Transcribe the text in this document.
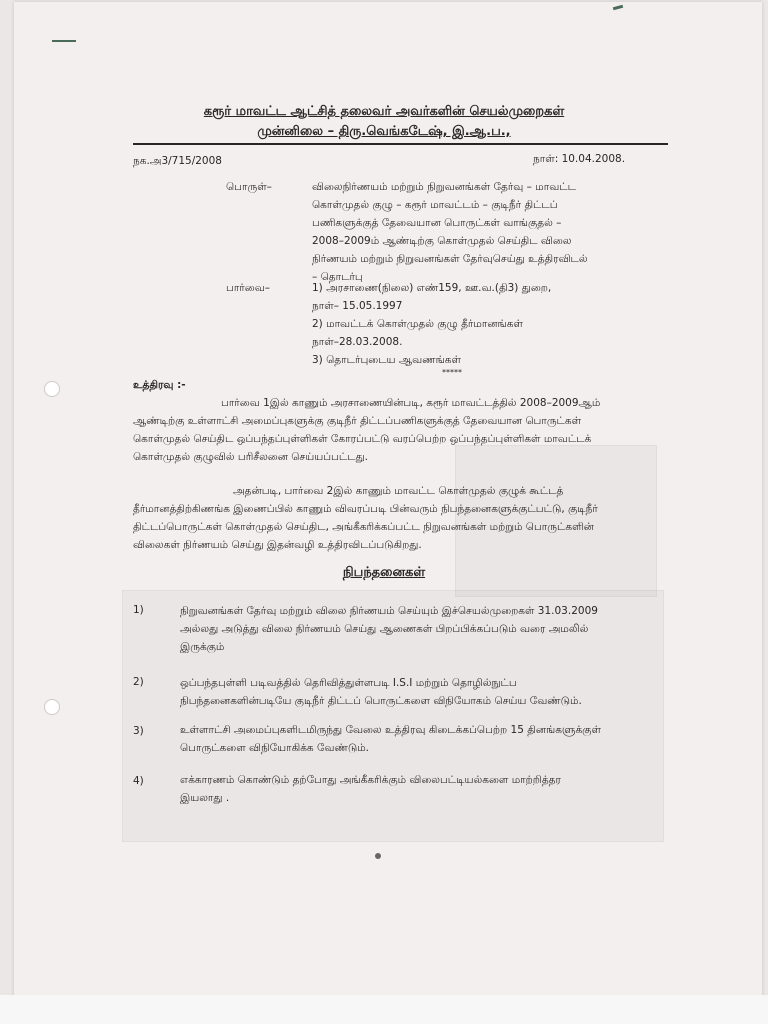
கரூர் மாவட்ட ஆட்சித் தலைவர் அவர்களின் செயல்முறைகள்
முன்னிலை – திரு.வெங்கடேஷ், இ.ஆ.ப.,
நக.அ3/715/2008	நாள்: 10.04.2008.
பொருள்–	விலைநிர்ணயம் மற்றும் நிறுவனங்கள் தேர்வு – மாவட்ட
கொள்முதல் குழு – கரூர் மாவட்டம் – குடிநீர் திட்டப்
பணிகளுக்குத் தேவையான பொருட்கள் வாங்குதல் –
2008–2009ம் ஆண்டிற்கு கொள்முதல் செய்திட விலை
நிர்ணயம் மற்றும் நிறுவனங்கள் தேர்வுசெய்து உத்திரவிடல்
– தொடர்பு
பார்வை–	1) அரசாணை(நிலை) எண்159, ஊ.வ.(தி3) துறை,
நாள்– 15.05.1997
2) மாவட்டக் கொள்முதல் குழு தீர்மானங்கள்
நாள்–28.03.2008.
3) தொடர்புடைய ஆவணங்கள்
*****
உத்திரவு :-
பார்வை 1இல் காணும் அரசாணையின்படி, கரூர் மாவட்டத்தில் 2008–2009ஆம்
ஆண்டிற்கு உள்ளாட்சி அமைப்புகளுக்கு குடிநீர் திட்டப்பணிகளுக்குத் தேவையான பொருட்கள்
கொள்முதல் செய்திட ஒப்பந்தப்புள்ளிகள் கோரப்பட்டு வரப்பெற்ற ஒப்பந்தப்புள்ளிகள் மாவட்டக்
கொள்முதல் குழுவில் பரிசீலனை செய்யப்பட்டது.
அதன்படி, பார்வை 2இல் காணும் மாவட்ட கொள்முதல் குழுக் கூட்டத்
தீர்மானத்திற்கிணங்க இணைப்பில் காணும் விவரப்படி பின்வரும் நிபந்தனைகளுக்குட்பட்டு, குடிநீர்
திட்டப்பொருட்கள் கொள்முதல் செய்திட, அங்கீகரிக்கப்பட்ட நிறுவனங்கள் மற்றும் பொருட்களின்
விலைகள் நிர்ணயம் செய்து இதன்வழி உத்திரவிடப்படுகிறது.
நிபந்தனைகள்
1)	நிறுவனங்கள் தேர்வு மற்றும் விலை நிர்ணயம் செய்யும் இச்செயல்முறைகள் 31.03.2009
அல்லது அடுத்து விலை நிர்ணயம் செய்து ஆணைகள் பிறப்பிக்கப்படும் வரை அமலில்
இருக்கும்
2)	ஒப்பந்தபுள்ளி படிவத்தில் தெரிவித்துள்ளபடி I.S.I மற்றும் தொழில்நுட்ப
நிபந்தனைகளின்படியே குடிநீர் திட்டப் பொருட்களை விநியோகம் செய்ய வேண்டும்.
3)	உள்ளாட்சி அமைப்புகளிடமிருந்து வேலை உத்திரவு கிடைக்கப்பெற்ற 15 தினங்களுக்குள்
பொருட்களை விநியோகிக்க வேண்டும்.
4)	எக்காரணம் கொண்டும் தற்போது அங்கீகரிக்கும் விலைபட்டியல்களை மாற்றித்தர
இயலாது .
